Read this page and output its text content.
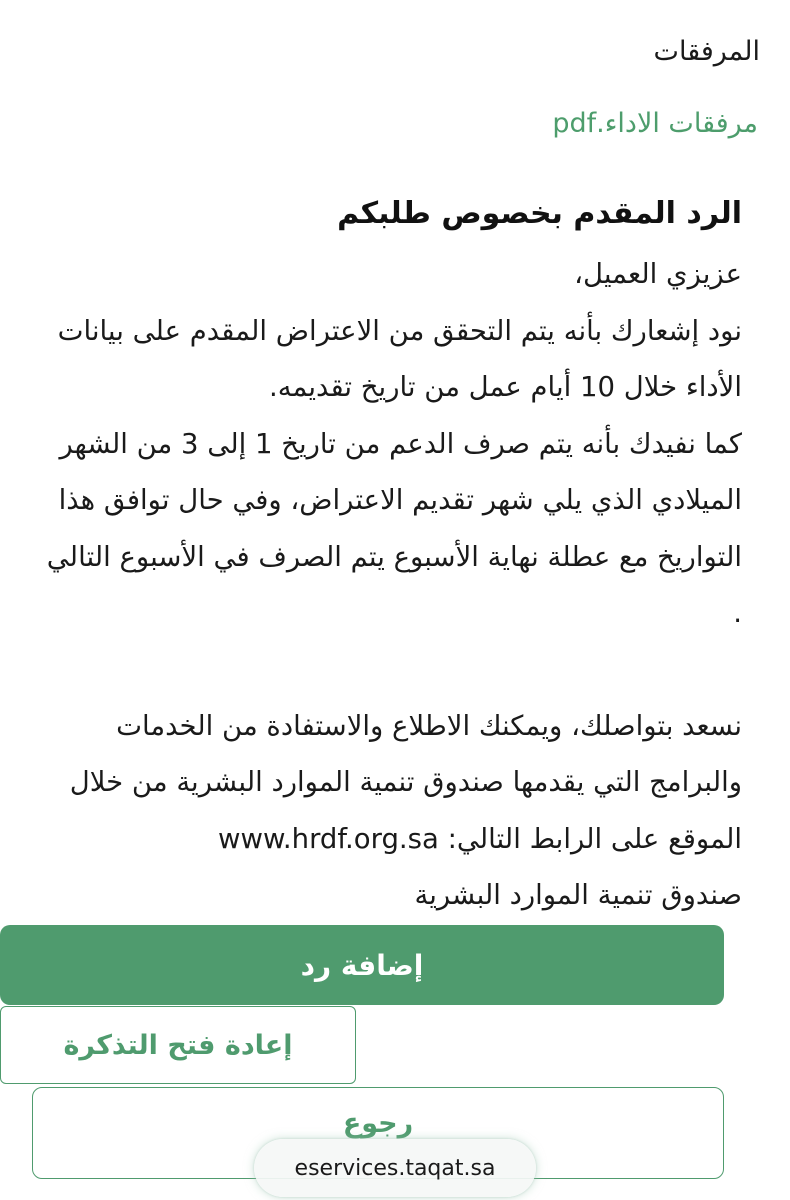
المرفقات
مرفقات الاداء.pdf
الرد المقدم بخصوص طلبكم

عزيزي العميل،

نود إشعارك بأنه يتم التحقق من الاعتراض المقدم على بيانات الأداء خلال 10 أيام عمل من تاريخ تقديمه.

كما نفيدك بأنه يتم صرف الدعم من تاريخ 1 إلى 3 من الشهر الميلادي الذي يلي شهر تقديم الاعتراض، وفي حال توافق هذا التواريخ مع عطلة نهاية الأسبوع يتم الصرف في الأسبوع التالي .

نسعد بتواصلك، ويمكنك الاطلاع والاستفادة من الخدمات والبرامج التي يقدمها صندوق تنمية الموارد البشرية من خلال الموقع على الرابط التالي: www.hrdf.org.sa

صندوق تنمية الموارد البشرية

إضافة رد
إعادة فتح التذكرة
رجوع
eservices.taqat.sa
